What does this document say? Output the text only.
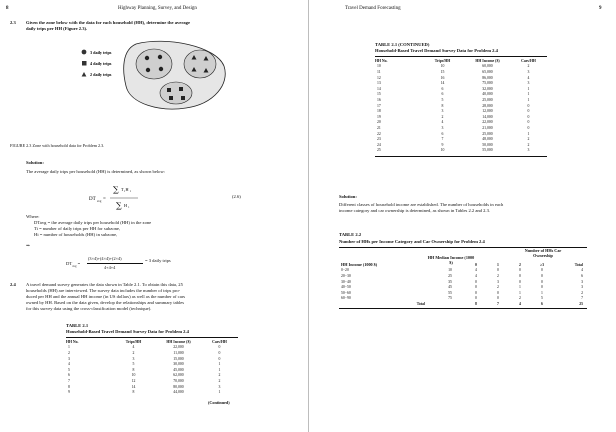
8	Highway Planning, Survey, and Design
2.3 Given the zone below with the data for each household (HH), determine the average
daily trips per HH (Figure 2.3).
3 daily trips
4 daily trips
2 daily trips
FIGURE 2.3 Zone with household data for Problem 2.3.
Solution:
The average daily trips per household (HH) is determined, as shown below:
DT avg =
∑ T i H i
∑ H i
(2.6)
Where:
DTavg = the average daily trips per household (HH) in the zone
Ti = number of daily trips per HH for subzone,
Hi = number of households (HH) in subzone,
⇒
$DT_{avg}$ =
(3×4)+(4×4)+(2×4)
4+4+4
= 3 daily trips
2.4 A travel demand survey generates the data shown in Table 2.1. To obtain this data, 25
households (HH) are interviewed. The survey data includes the number of trips pro-
duced per HH and the annual HH income (in US dollars) as well as the number of cars
owned by HH. Based on the data given, develop the relationships and summary tables
for this survey data using the cross-classification model (technique).
TABLE 2.1
Household-Based Travel Demand Survey Data for Problem 2.4
HH No.	Trips/HH	HH Income ($)	Cars/HH
1	4	22,000	0
2	2	11,000	0
3	3	15,000	0
4	5	30,000	1
5	8	45,000	1
6	10	62,000	2
7	12	70,000	2
8	14	80,000	3
9	8	44,000	1
(Continued)
Travel Demand Forecasting	9
TABLE 2.1 (CONTINUED)
Household-Based Travel Demand Survey Data for Problem 2.4
HH No.	Trips/HH	HH Income ($)	Cars/HH
10	10	60,000	2
11	15	65,000	3
12	16	86,000	4
13	14	75,000	3
14	6	32,000	1
15	6	40,000	1
16	5	25,000	1
17	8	28,000	0
18	3	12,000	0
19	2	14,000	0
20	4	22,000	0
21	3	21,000	0
22	6	25,000	1
23	7	48,000	2
24	9	50,000	2
25	10	55,000	3
Solution:
Different classes of household income are established. The number of households in each
income category and car ownership is determined, as shown in Tables 2.2 and 2.3.
TABLE 2.2
Number of HHs per Income Category and Car Ownership for Problem 2.4
Number of HHs Car Ownership
HH Median Income (1000 $)
HH Income (1000 $)
			0	1	2	≥3	Total
0−20	10	4	0	0	0	4
20−30	25	4	2	0	0	6
30−40	35	0	3	0	0	3
40−50	45	0	2	1	0	3
50−60	55	0	0	1	1	2
60−90	75	0	0	2	5	7
Total		8	7	4	6	25
